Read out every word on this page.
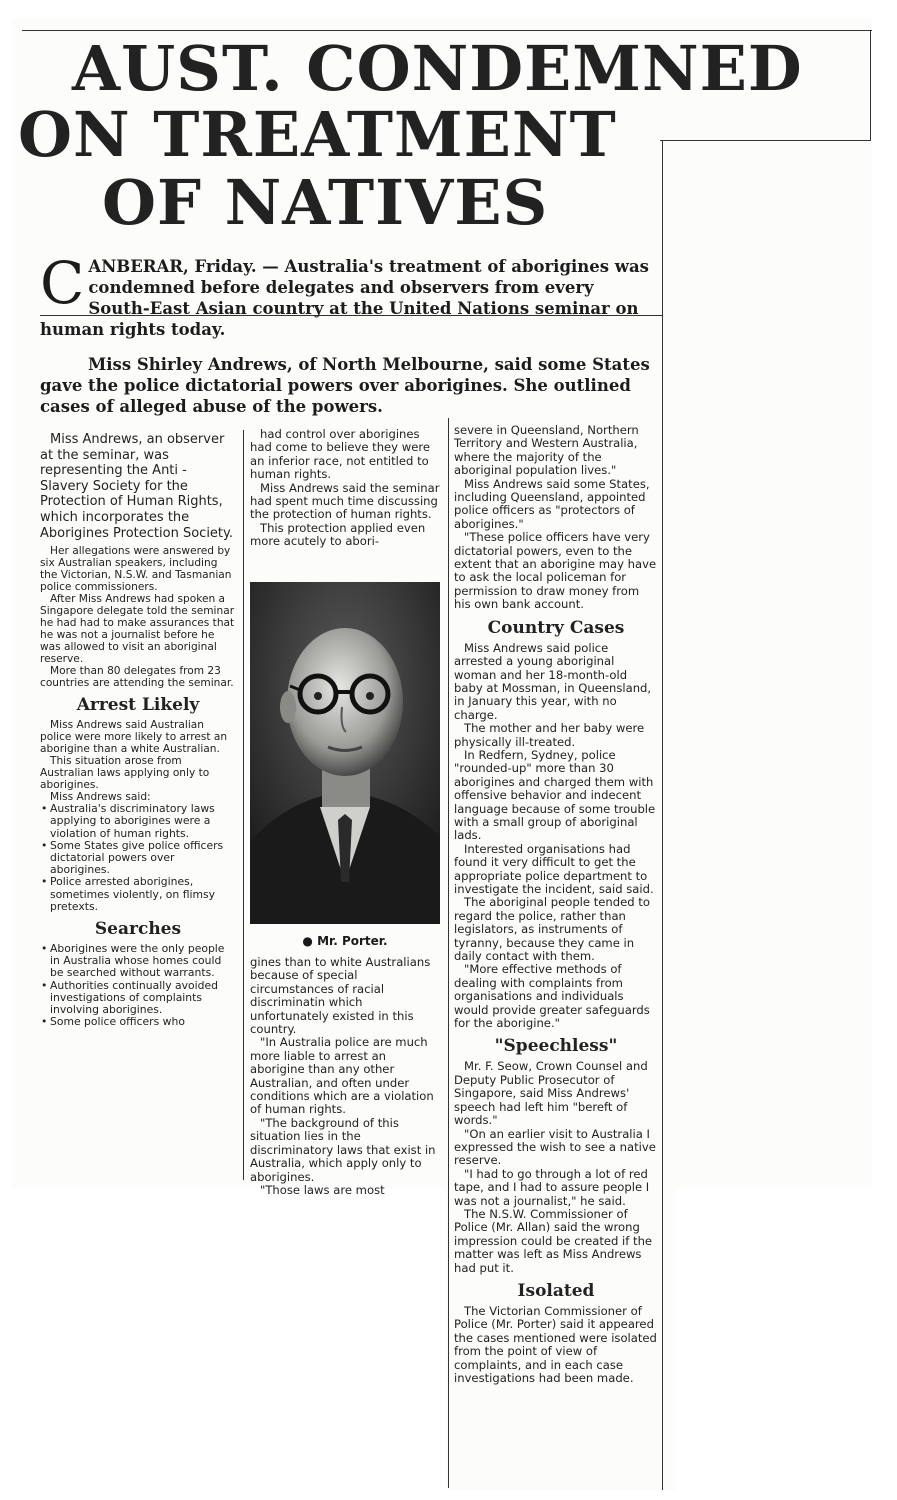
AUST. CONDEMNED
ON TREATMENT
OF NATIVES
C ANBERAR, Friday. — Australia's treatment of aborigines was condemned before delegates and observers from every South-East Asian country at the United Nations seminar on human rights today.
Miss Shirley Andrews, of North Melbourne, said some States gave the police dictatorial powers over aborigines. She outlined cases of alleged abuse of the powers.

Miss Andrews, an observer at the seminar, was representing the Anti - Slavery Society for the Protection of Human Rights, which incorporates the Aborigines Protection Society.

Her allegations were answered by six Australian speakers, including the Victorian, N.S.W. and Tasmanian police commissioners.

After Miss Andrews had spoken a Singapore delegate told the seminar he had had to make assurances that he was not a journalist before he was allowed to visit an aboriginal reserve.

More than 80 delegates from 23 countries are attending the seminar.

Arrest Likely

Miss Andrews said Australian police were more likely to arrest an aborigine than a white Australian.

This situation arose from Australian laws applying only to aborigines.

Miss Andrews said:

• Australia's discriminatory laws applying to aborigines were a violation of human rights.
• Some States give police officers dictatorial powers over aborigines.
• Police arrested aborigines, sometimes violently, on flimsy pretexts.
Searches
• Aborigines were the only people in Australia whose homes could be searched without warrants.
• Authorities continually avoided investigations of complaints involving aborigines.
• Some police officers who

had control over aborigines had come to believe they were an inferior race, not entitled to human rights.

Miss Andrews said the seminar had spent much time discussing the protection of human rights.

This protection applied even more acutely to abori-

● Mr. Porter.

gines than to white Australians because of special circumstances of racial discriminatin which unfortunately existed in this country.

"In Australia police are much more liable to arrest an aborigine than any other Australian, and often under conditions which are a violation of human rights.

"The background of this situation lies in the discriminatory laws that exist in Australia, which apply only to aborigines.

"Those laws are most

severe in Queensland, Northern Territory and Western Australia, where the majority of the aboriginal population lives."

Miss Andrews said some States, including Queensland, appointed police officers as "protectors of aborigines."

"These police officers have very dictatorial powers, even to the extent that an aborigine may have to ask the local policeman for permission to draw money from his own bank account.

Country Cases

Miss Andrews said police arrested a young aboriginal woman and her 18-month-old baby at Mossman, in Queensland, in January this year, with no charge.

The mother and her baby were physically ill-treated.

In Redfern, Sydney, police "rounded-up" more than 30 aborigines and charged them with offensive behavior and indecent language because of some trouble with a small group of aboriginal lads.

Interested organisations had found it very difficult to get the appropriate police department to investigate the incident, said said.

The aboriginal people tended to regard the police, rather than legislators, as instruments of tyranny, because they came in daily contact with them.

"More effective methods of dealing with complaints from organisations and individuals would provide greater safeguards for the aborigine."

"Speechless"

Mr. F. Seow, Crown Counsel and Deputy Public Prosecutor of Singapore, said Miss Andrews' speech had left him "bereft of words."

"On an earlier visit to Australia I expressed the wish to see a native reserve.

"I had to go through a lot of red tape, and I had to assure people I was not a journalist," he said.

The N.S.W. Commissioner of Police (Mr. Allan) said the wrong impression could be created if the matter was left as Miss Andrews had put it.

Isolated

The Victorian Commissioner of Police (Mr. Porter) said it appeared the cases mentioned were isolated from the point of view of complaints, and in each case investigations had been made.
